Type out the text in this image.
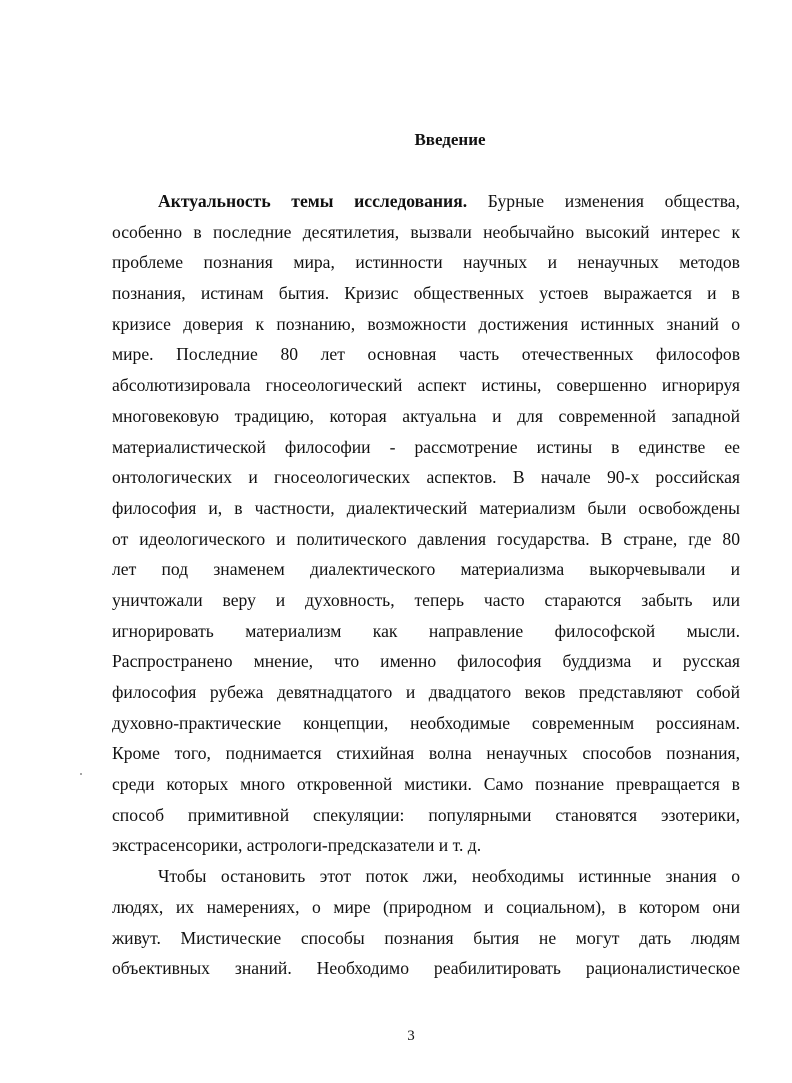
Введение
Актуальность темы исследования. Бурные изменения общества,
особенно в последние десятилетия, вызвали необычайно высокий интерес к
проблеме познания мира, истинности научных и ненаучных методов
познания, истинам бытия. Кризис общественных устоев выражается и в
кризисе доверия к познанию, возможности достижения истинных знаний о
мире. Последние 80 лет основная часть отечественных философов
абсолютизировала гносеологический аспект истины, совершенно игнорируя
многовековую традицию, которая актуальна и для современной западной
материалистической философии - рассмотрение истины в единстве ее
онтологических и гносеологических аспектов. В начале 90-х российская
философия и, в частности, диалектический материализм были освобождены
от идеологического и политического давления государства. В стране, где 80
лет под знаменем диалектического материализма выкорчевывали и
уничтожали веру и духовность, теперь часто стараются забыть или
игнорировать материализм как направление философской мысли.
Распространено мнение, что именно философия буддизма и русская
философия рубежа девятнадцатого и двадцатого веков представляют собой
духовно-практические концепции, необходимые современным россиянам.
Кроме того, поднимается стихийная волна ненаучных способов познания,
среди которых много откровенной мистики. Само познание превращается в
способ примитивной спекуляции: популярными становятся эзотерики,
экстрасенсорики, астрологи-предсказатели и т. д.
Чтобы остановить этот поток лжи, необходимы истинные знания о
людях, их намерениях, о мире (природном и социальном), в котором они
живут. Мистические способы познания бытия не могут дать людям
объективных знаний. Необходимо реабилитировать рационалистическое
3
